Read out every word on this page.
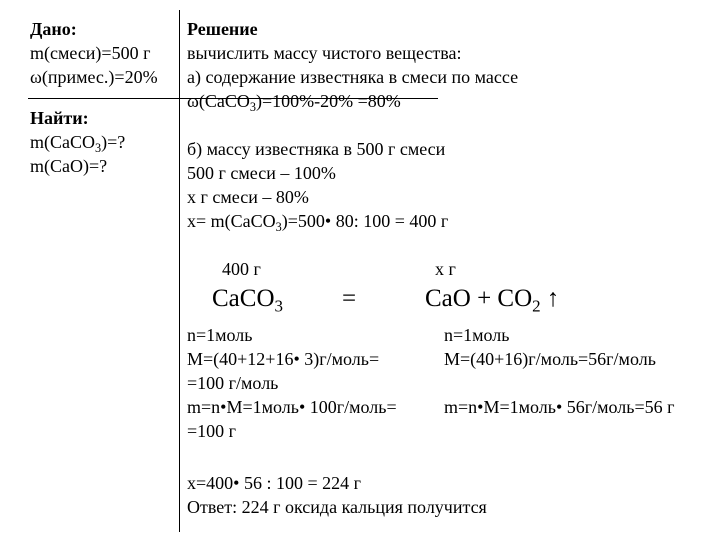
Дано:
m(смеси)=500 г
ω(примес.)=20%
Найти:
m(CaCO$_3$)=?
m(CaO)=?
Решение
вычислить массу чистого вещества:
а) содержание известняка в смеси по массе
ω(CaCO$_3$)=100%-20% =80%
б) массу известняка в 500 г смеси
500 г смеси – 100%
х г смеси – 80%
х= m(CaCO$_3$)=500• 80: 100 = 400 г
400 г	х г
CaCO$_3$ =	CaO + $CO_2$ ↑
n=1моль
M=(40+12+16• 3)г/моль=
=100 г/моль
m=n•M=1моль• 100г/моль=
=100 г
n=1моль
M=(40+16)г/моль=56г/моль
m=n•M=1моль• 56г/моль=56 г
х=400• 56 : 100 = 224 г
Ответ: 224 г оксида кальция получится
